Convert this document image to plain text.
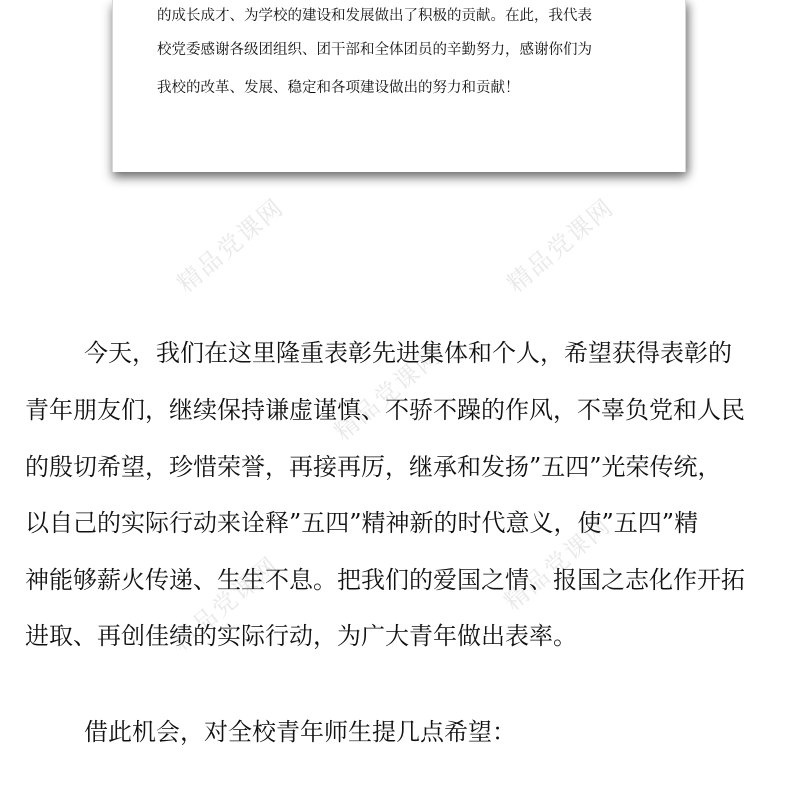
精品党课网	精品党课网
精品党课网
精品党课网	精品党课网

的成长成才、为学校的建设和发展做出了积极的贡献。在此，我代表

校党委感谢各级团组织、团干部和全体团员的辛勤努力，感谢你们为

我校的改革、发展、稳定和各项建设做出的努力和贡献！

今天，我们在这里隆重表彰先进集体和个人，希望获得表彰的

青年朋友们，继续保持谦虚谨慎、不骄不躁的作风，不辜负党和人民

的殷切希望，珍惜荣誉，再接再厉，继承和发扬”五四”光荣传统，

以自己的实际行动来诠释”五四”精神新的时代意义，使”五四”精

神能够薪火传递、生生不息。把我们的爱国之情、报国之志化作开拓

进取、再创佳绩的实际行动，为广大青年做出表率。

借此机会，对全校青年师生提几点希望：
